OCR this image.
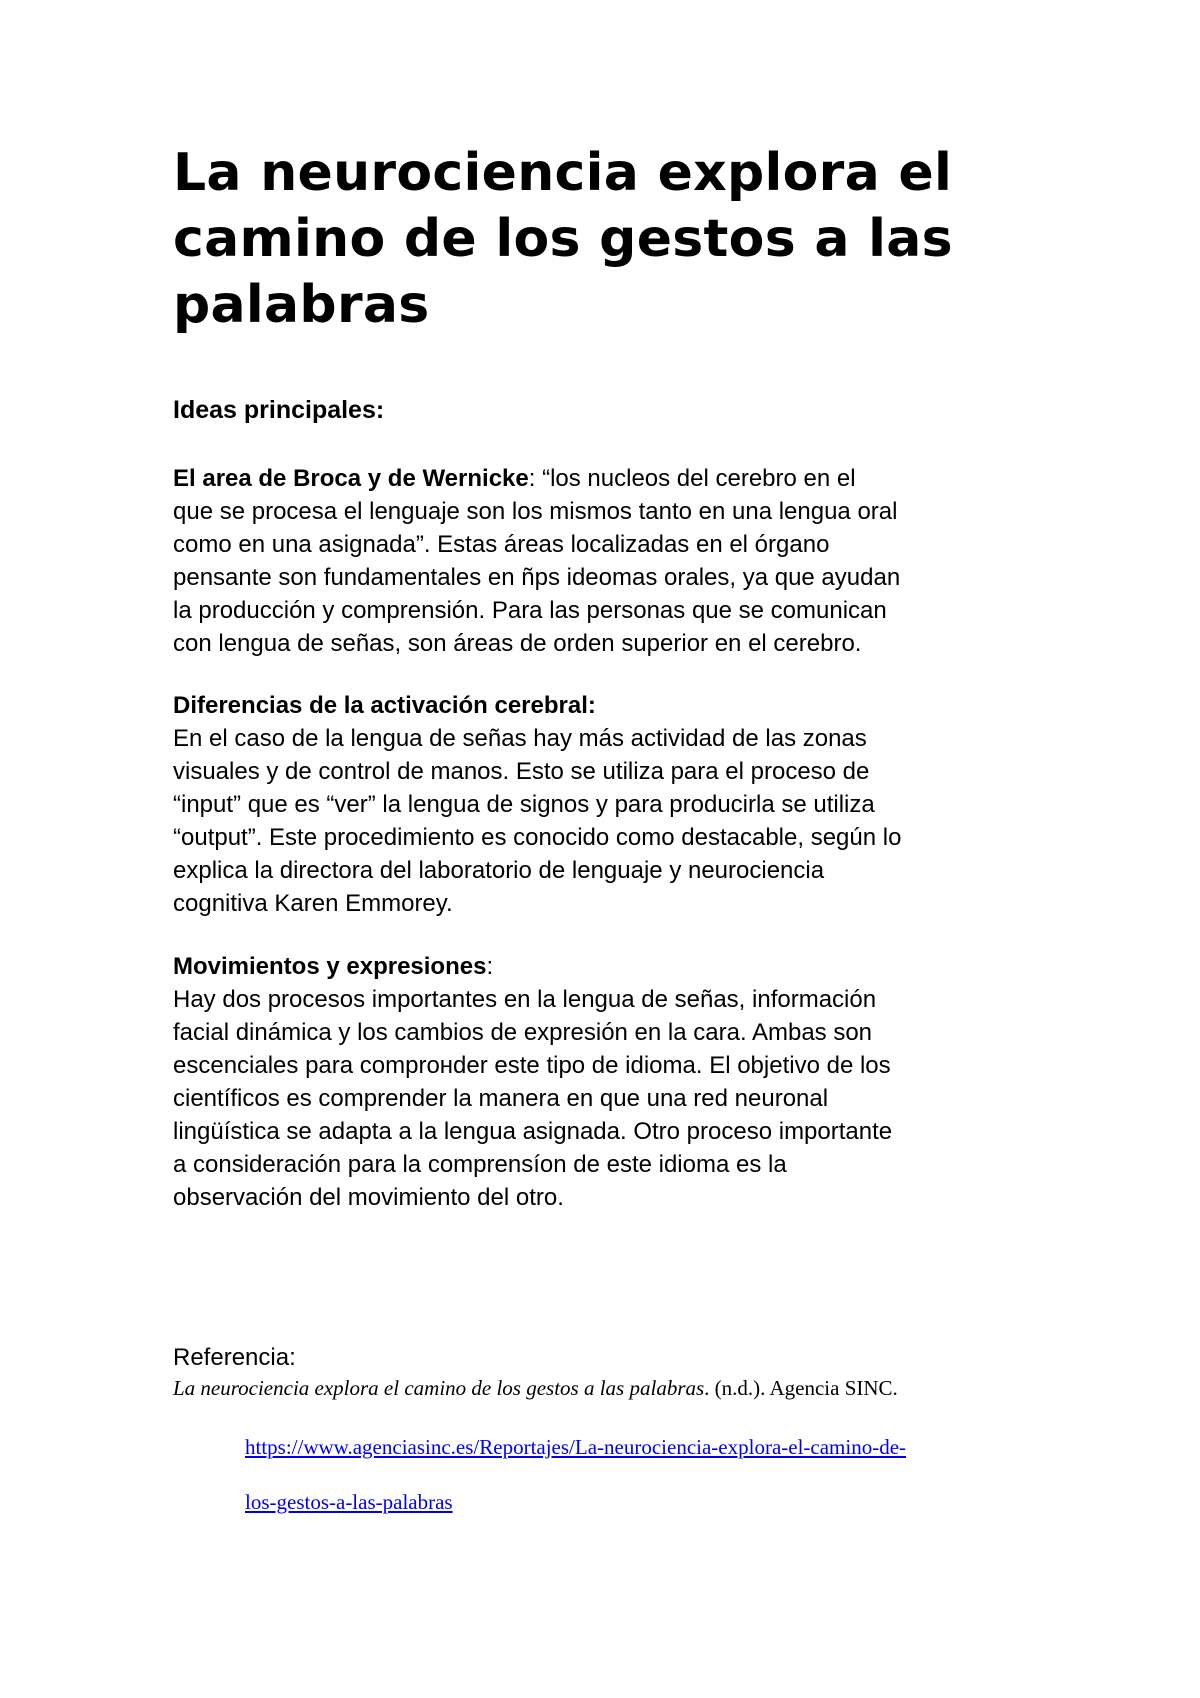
La neurociencia explora el
camino de los gestos a las
palabras

Ideas principales:

El area de Broca y de Wernicke: “los nucleos del cerebro en el
que se procesa el lenguaje son los mismos tanto en una lengua oral
como en una asignada”. Estas áreas localizadas en el órgano
pensante son fundamentales en ñps ideomas orales, ya que ayudan
la producción y comprensión. Para las personas que se comunican
con lengua de señas, son áreas de orden superior en el cerebro.
Diferencias de la activación cerebral:
En el caso de la lengua de señas hay más actividad de las zonas
visuales y de control de manos. Esto se utiliza para el proceso de
“input” que es “ver” la lengua de signos y para producirla se utiliza
“output”. Este procedimiento es conocido como destacable, según lo
explica la directora del laboratorio de lenguaje y neurociencia
cognitiva Karen Emmorey.
Movimientos y expresiones:
Hay dos procesos importantes en la lengua de señas, información
facial dinámica y los cambios de expresión en la cara. Ambas son
escenciales para comprонder este tipo de idioma. El objetivo de los
científicos es comprender la manera en que una red neuronal
lingüística se adapta a la lengua asignada. Otro proceso importante
a consideración para la comprensíon de este idioma es la
observación del movimiento del otro.

Referencia:

La neurociencia explora el camino de los gestos a las palabras. (n.d.). Agencia SINC.

https://www.agenciasinc.es/Reportajes/La-neurociencia-explora-el-camino-de-
los-gestos-a-las-palabras
